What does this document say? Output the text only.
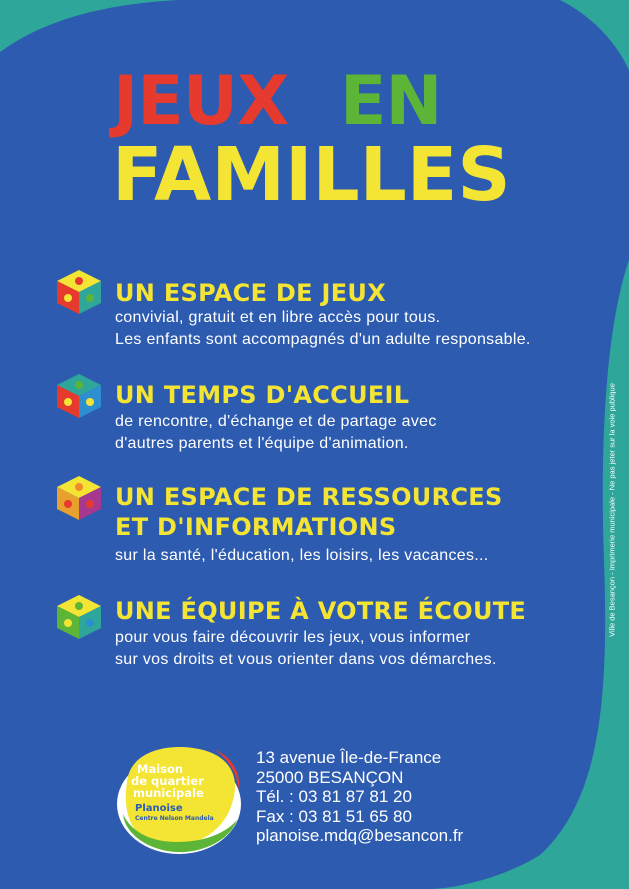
JEUX EN
FAMILLES
UN ESPACE DE JEUX
convivial, gratuit et en libre accès pour tous.
Les enfants sont accompagnés d'un adulte responsable.
UN TEMPS D'ACCUEIL
de rencontre, d'échange et de partage avec
d'autres parents et l'équipe d'animation.
UN ESPACE DE RESSOURCES
ET D'INFORMATIONS
sur la santé, l'éducation, les loisirs, les vacances...
UNE ÉQUIPE À VOTRE ÉCOUTE
pour vous faire découvrir les jeux, vous informer
sur vos droits et vous orienter dans vos démarches.
Ville de Besançon - Imprimerie municipale - Ne pas jeter sur la voie publique
Maison
de quartier
municipale
Planoise
Centre Nelson Mandela
13 avenue Île-de-France
25000 BESANÇON
Tél. : 03 81 87 81 20
Fax : 03 81 51 65 80
planoise.mdq@besancon.fr
